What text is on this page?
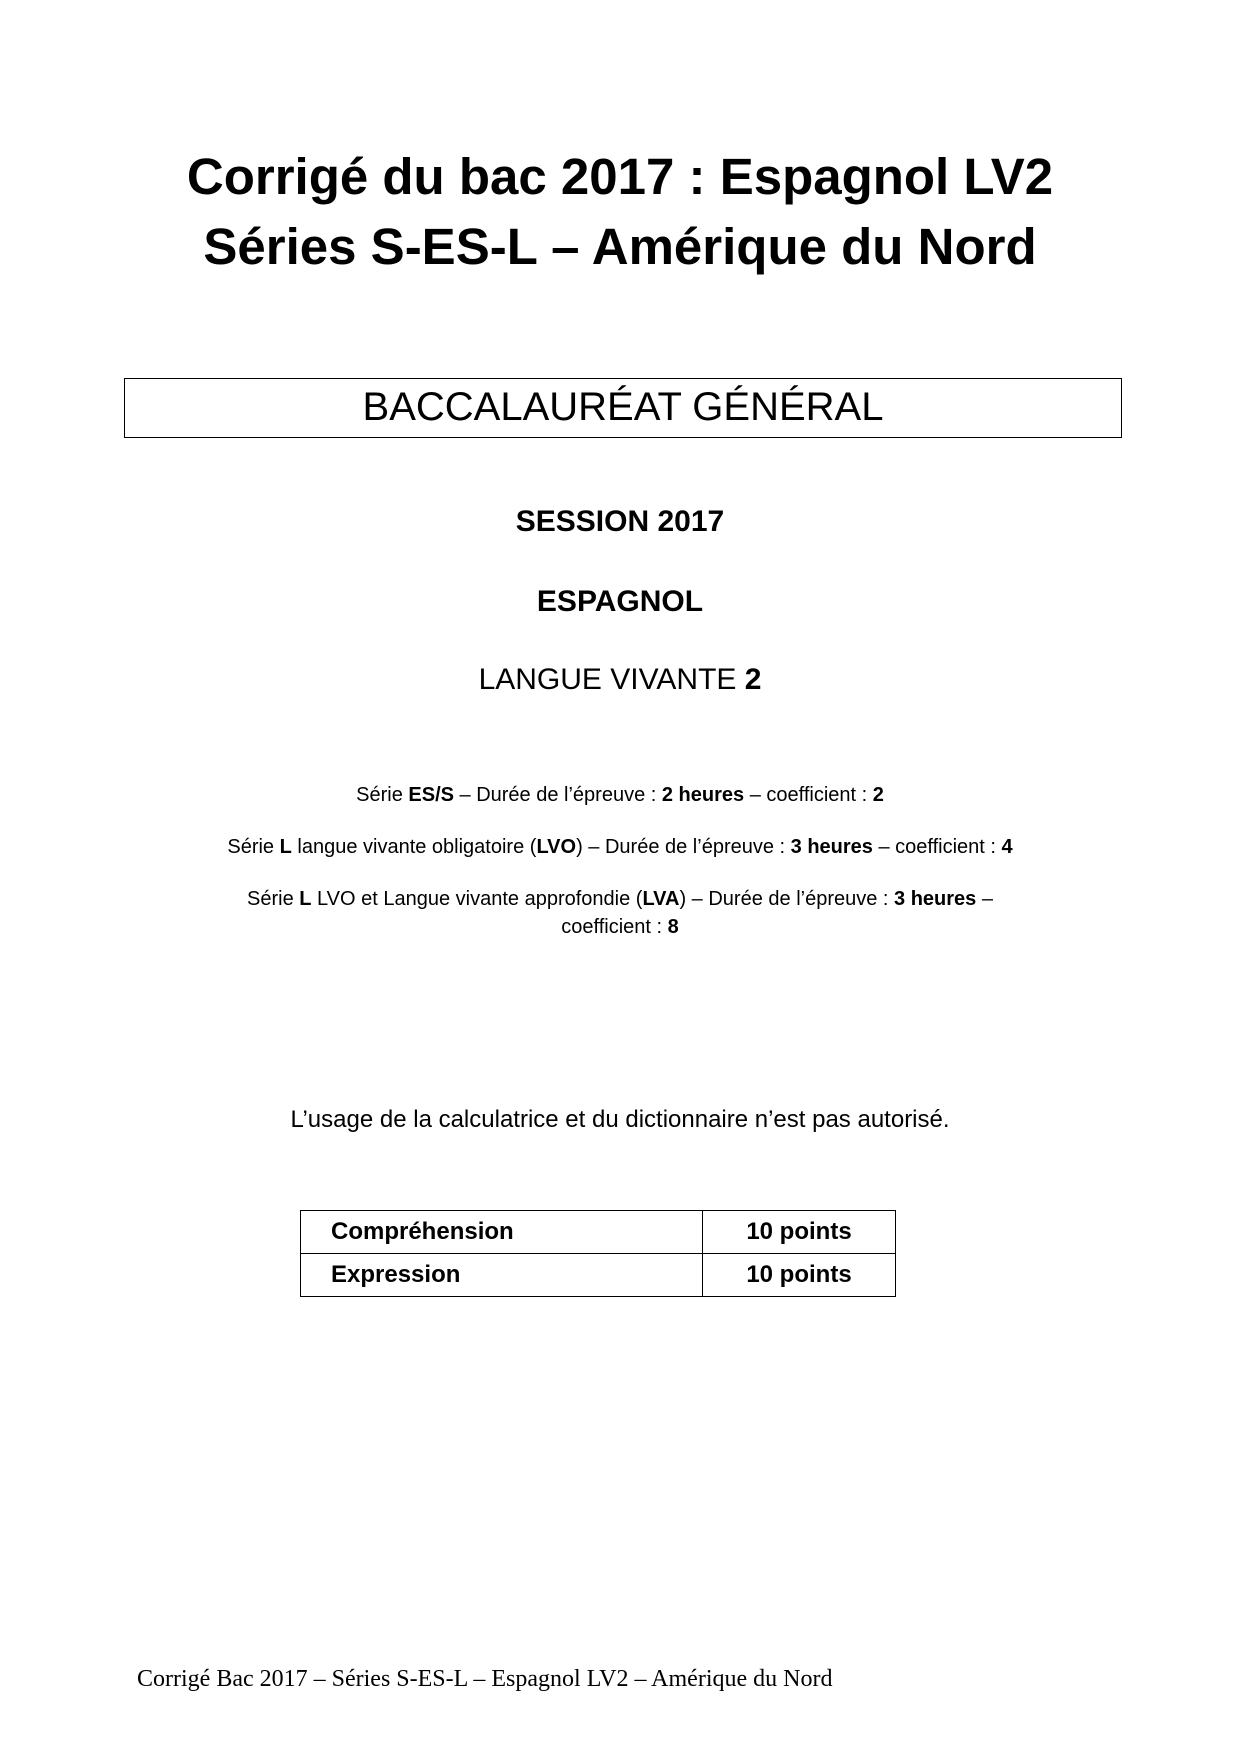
Corrigé du bac 2017 : Espagnol LV2
Séries S-ES-L – Amérique du Nord
BACCALAURÉAT GÉNÉRAL
SESSION 2017
ESPAGNOL
LANGUE VIVANTE 2
Série ES/S – Durée de l’épreuve : 2 heures – coefficient : 2
Série L langue vivante obligatoire (LVO) – Durée de l’épreuve : 3 heures – coefficient : 4
Série L LVO et Langue vivante approfondie (LVA) – Durée de l’épreuve : 3 heures –
coefficient : 8
L’usage de la calculatrice et du dictionnaire n’est pas autorisé.
Compréhension	10 points
Expression	10 points
Corrigé Bac 2017 – Séries S-ES-L – Espagnol LV2 – Amérique du Nord
